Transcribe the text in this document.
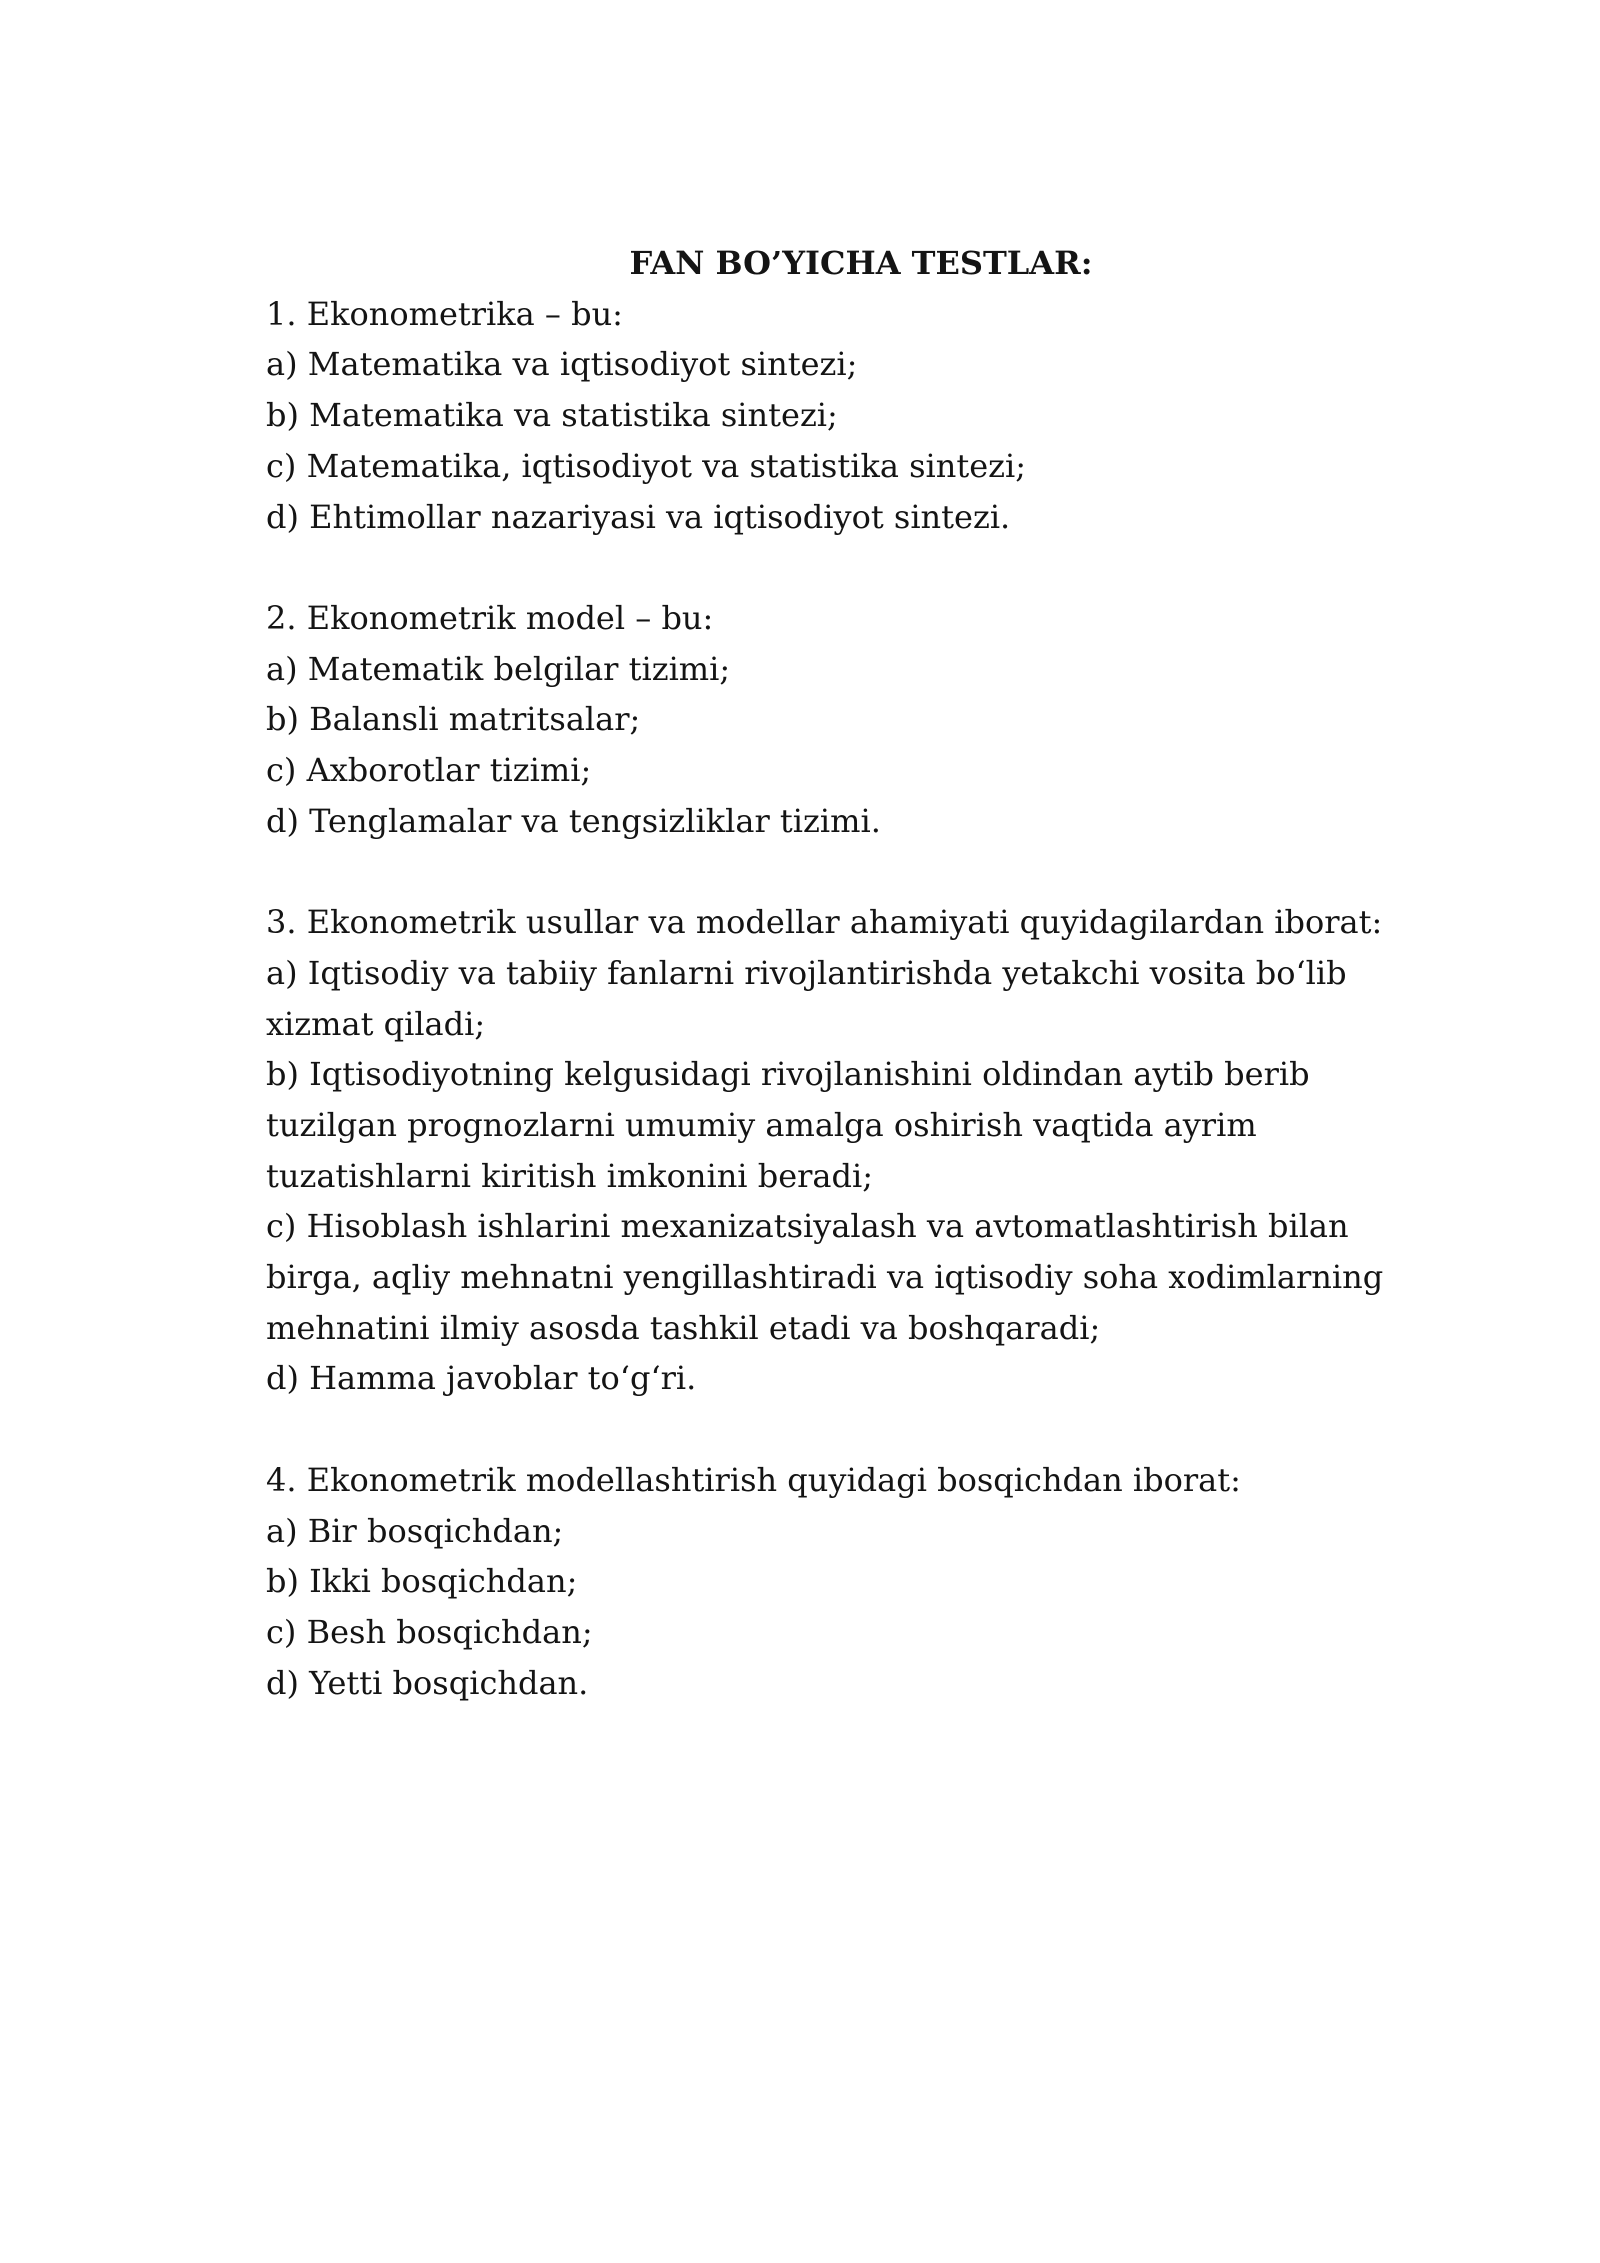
FAN BO’YICHA TESTLAR:

1. Ekonometrika – bu:

a) Matematika va iqtisodiyot sintezi;

b) Matematika va statistika sintezi;

c) Matematika, iqtisodiyot va statistika sintezi;

d) Ehtimollar nazariyasi va iqtisodiyot sintezi.

2. Ekonometrik model – bu:

a) Matematik belgilar tizimi;

b) Balansli matritsalar;

c) Axborotlar tizimi;

d) Tenglamalar va tengsizliklar tizimi.

3. Ekonometrik usullar va modellar ahamiyati quyidagilardan iborat:

a) Iqtisodiy va tabiiy fanlarni rivojlantirishda yetakchi vosita bo‘lib xizmat qiladi;

b) Iqtisodiyotning kelgusidagi rivojlanishini oldindan aytib berib tuzilgan prognozlarni umumiy amalga oshirish vaqtida ayrim tuzatishlarni kiritish imkonini beradi;

c) Hisoblash ishlarini mexanizatsiyalash va avtomatlashtirish bilan birga, aqliy mehnatni yengillashtiradi va iqtisodiy soha xodimlarning mehnatini ilmiy asosda tashkil etadi va boshqaradi;

d) Hamma javoblar to‘g‘ri.

4. Ekonometrik modellashtirish quyidagi bosqichdan iborat:

a) Bir bosqichdan;

b) Ikki bosqichdan;

c) Besh bosqichdan;

d) Yetti bosqichdan.
